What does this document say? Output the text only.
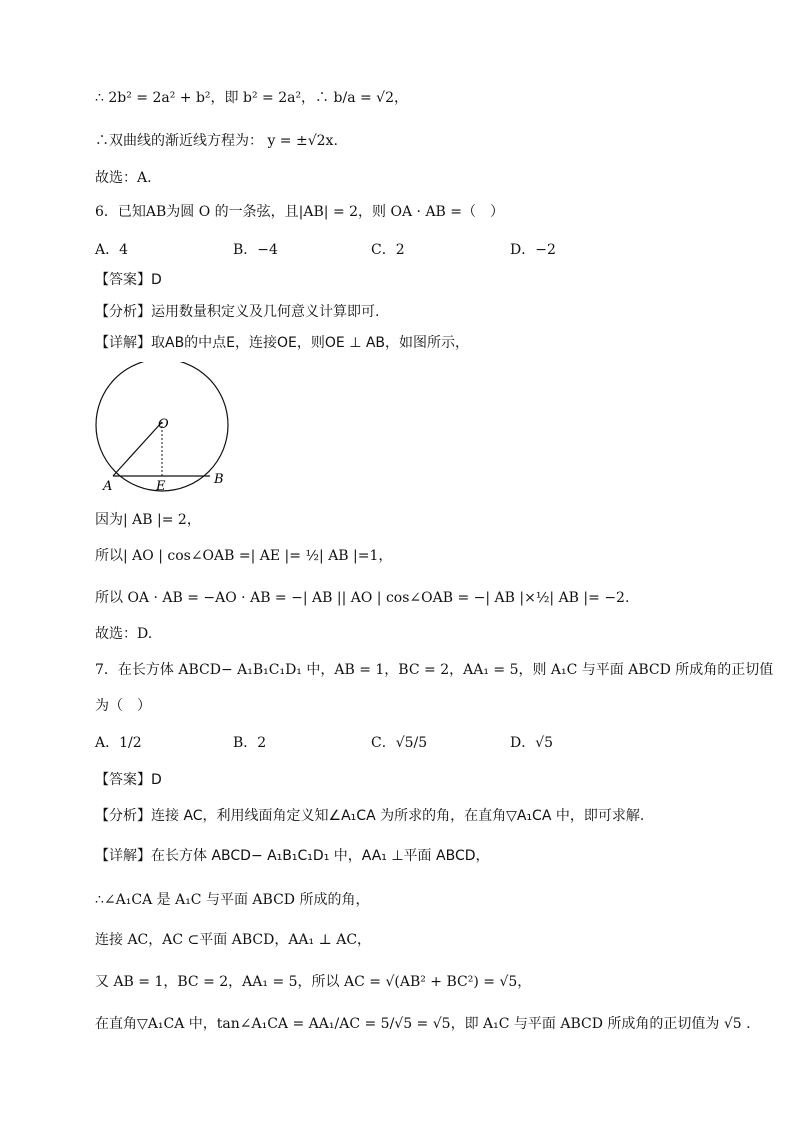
∴ 2b² = 2a² + b²，即 b² = 2a²，∴ b/a = √2，
∴双曲线的渐近线方程为： y = ±√2x.
故选：A.
6．已知AB为圆 O 的一条弦，且|AB| = 2，则 OA · AB =（　）
A．4	B．−4	C．2	D．−2
【答案】D
【分析】运用数量积定义及几何意义计算即可.
【详解】取AB的中点E，连接OE，则OE ⊥ AB，如图所示，
O
A	E	B
因为| AB |= 2，
所以| AO | cos∠OAB =| AE |= ½| AB |=1，
所以 OA · AB = −AO · AB = −| AB || AO | cos∠OAB = −| AB |×½| AB |= −2.
故选：D.
7．在长方体 ABCD− A₁B₁C₁D₁ 中，AB = 1，BC = 2，AA₁ = 5，则 A₁C 与平面 ABCD 所成角的正切值
为（　）
A．1/2	B．2	C．√5/5	D．√5
【答案】D
【分析】连接 AC，利用线面角定义知∠A₁CA 为所求的角，在直角▽A₁CA 中，即可求解.
【详解】在长方体 ABCD− A₁B₁C₁D₁ 中，AA₁ ⊥平面 ABCD，
∴∠A₁CA 是 A₁C 与平面 ABCD 所成的角，
连接 AC，AC ⊂平面 ABCD，AA₁ ⊥ AC，
又 AB = 1，BC = 2，AA₁ = 5，所以 AC = √(AB² + BC²) = √5，
在直角▽A₁CA 中，tan∠A₁CA = AA₁/AC = 5/√5 = √5，即 A₁C 与平面 ABCD 所成角的正切值为 √5 .
